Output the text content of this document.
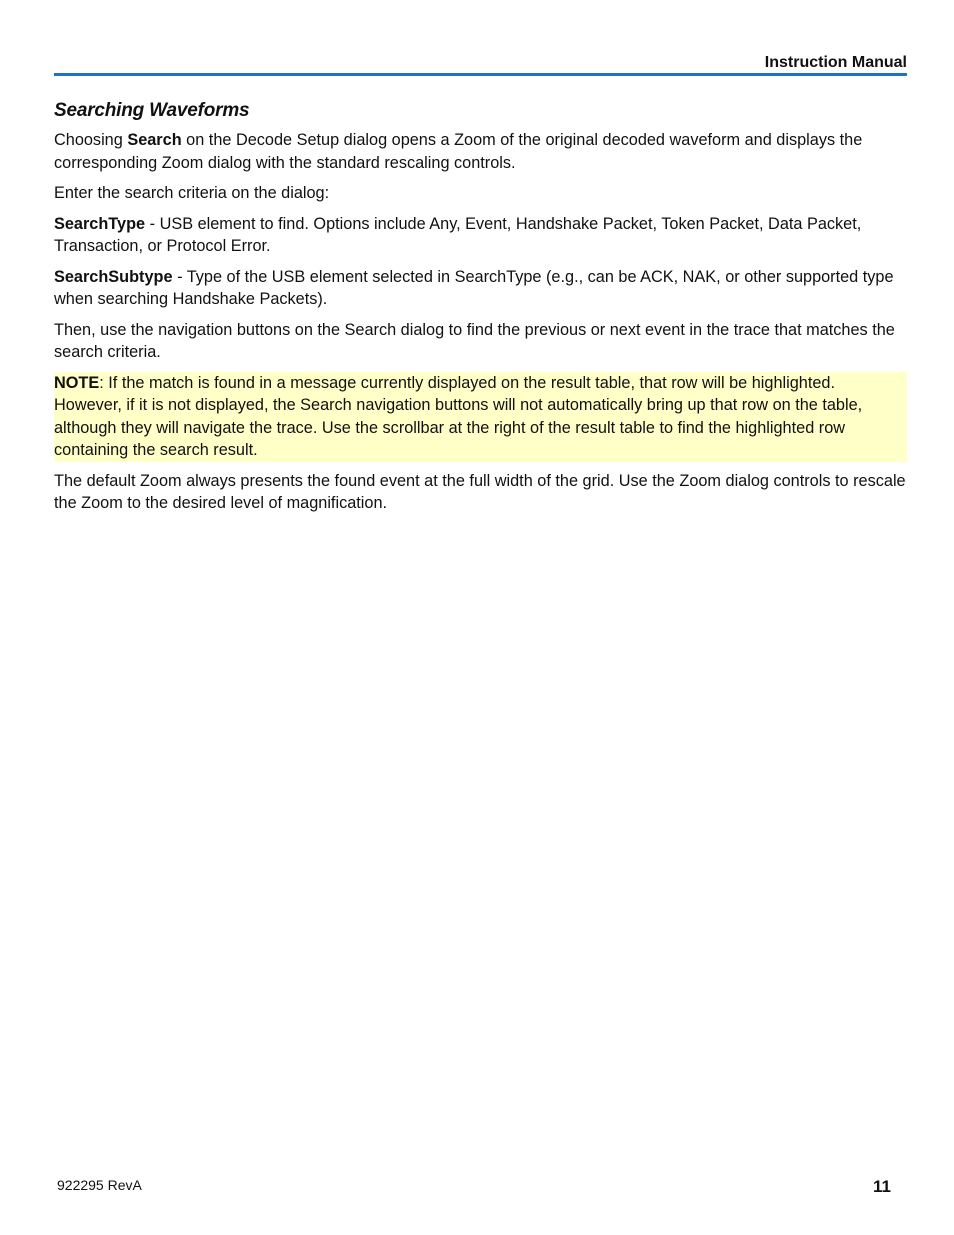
Instruction Manual
Searching Waveforms

Choosing Search on the Decode Setup dialog opens a Zoom of the original decoded waveform and displays the corresponding Zoom dialog with the standard rescaling controls.

Enter the search criteria on the dialog:

SearchType - USB element to find. Options include Any, Event, Handshake Packet, Token Packet, Data Packet, Transaction, or Protocol Error.

SearchSubtype - Type of the USB element selected in SearchType (e.g., can be ACK, NAK, or other supported type when searching Handshake Packets).

Then, use the navigation buttons on the Search dialog to find the previous or next event in the trace that matches the search criteria.

NOTE: If the match is found in a message currently displayed on the result table, that row will be highlighted. However, if it is not displayed, the Search navigation buttons will not automatically bring up that row on the table, although they will navigate the trace. Use the scrollbar at the right of the result table to find the highlighted row containing the search result.

The default Zoom always presents the found event at the full width of the grid. Use the Zoom dialog controls to rescale the Zoom to the desired level of magnification.

922295 RevA	11
